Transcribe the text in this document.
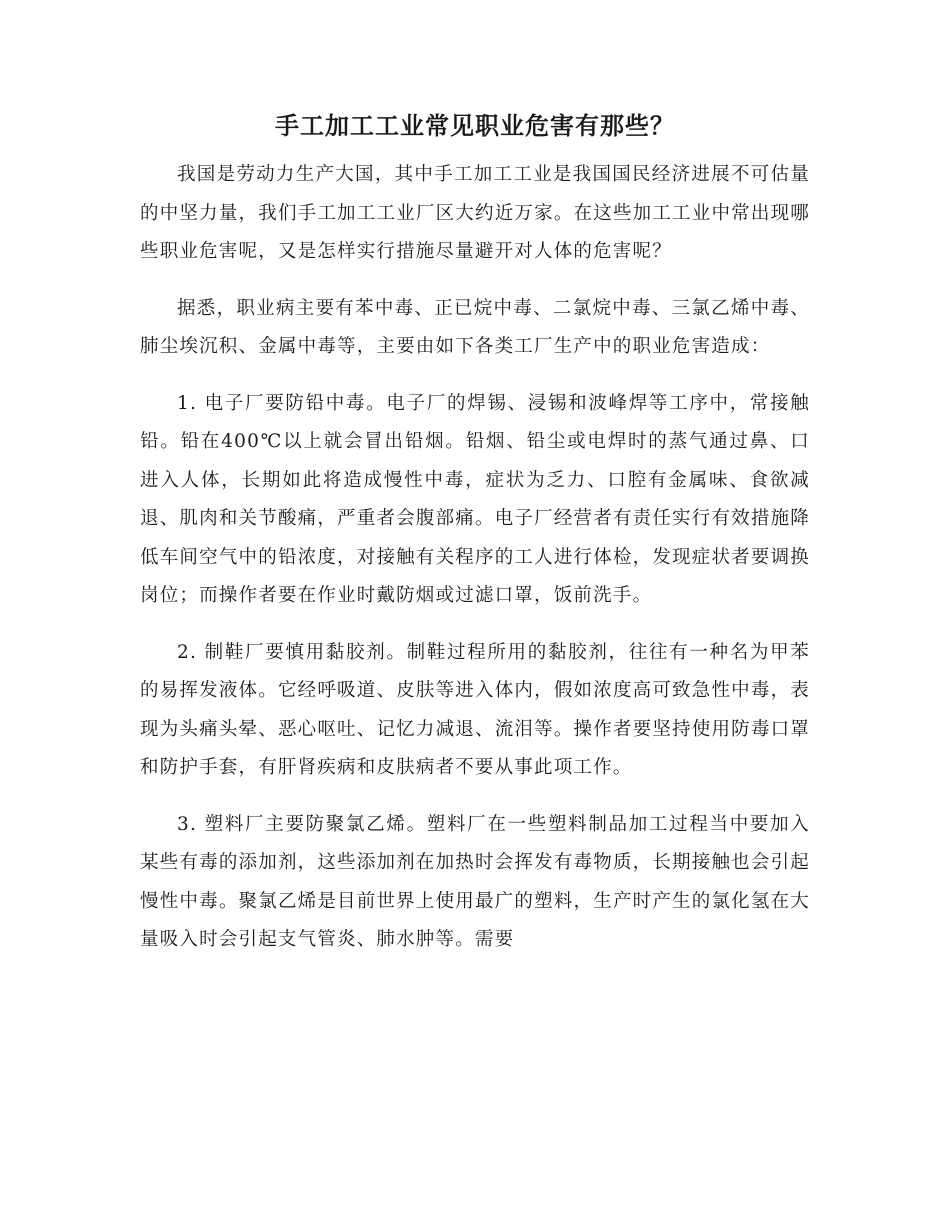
手工加工工业常见职业危害有那些？

我国是劳动力生产大国，其中手工加工工业是我国国民经济进展不可估量的中坚力量，我们手工加工工业厂区大约近万家。在这些加工工业中常出现哪些职业危害呢，又是怎样实行措施尽量避开对人体的危害呢？

据悉，职业病主要有苯中毒、正已烷中毒、二氯烷中毒、三氯乙烯中毒、肺尘埃沉积、金属中毒等，主要由如下各类工厂生产中的职业危害造成：

1. 电子厂要防铅中毒。电子厂的焊锡、浸锡和波峰焊等工序中，常接触铅。铅在400℃以上就会冒出铅烟。铅烟、铅尘或电焊时的蒸气通过鼻、口进入人体，长期如此将造成慢性中毒，症状为乏力、口腔有金属味、食欲减退、肌肉和关节酸痛，严重者会腹部痛。电子厂经营者有责任实行有效措施降低车间空气中的铅浓度，对接触有关程序的工人进行体检，发现症状者要调换岗位；而操作者要在作业时戴防烟或过滤口罩，饭前洗手。

2. 制鞋厂要慎用黏胶剂。制鞋过程所用的黏胶剂，往往有一种名为甲苯的易挥发液体。它经呼吸道、皮肤等进入体内，假如浓度高可致急性中毒，表现为头痛头晕、恶心呕吐、记忆力减退、流泪等。操作者要坚持使用防毒口罩和防护手套，有肝肾疾病和皮肤病者不要从事此项工作。

3. 塑料厂主要防聚氯乙烯。塑料厂在一些塑料制品加工过程当中要加入某些有毒的添加剂，这些添加剂在加热时会挥发有毒物质，长期接触也会引起慢性中毒。聚氯乙烯是目前世界上使用最广的塑料，生产时产生的氯化氢在大量吸入时会引起支气管炎、肺水肿等。需要
